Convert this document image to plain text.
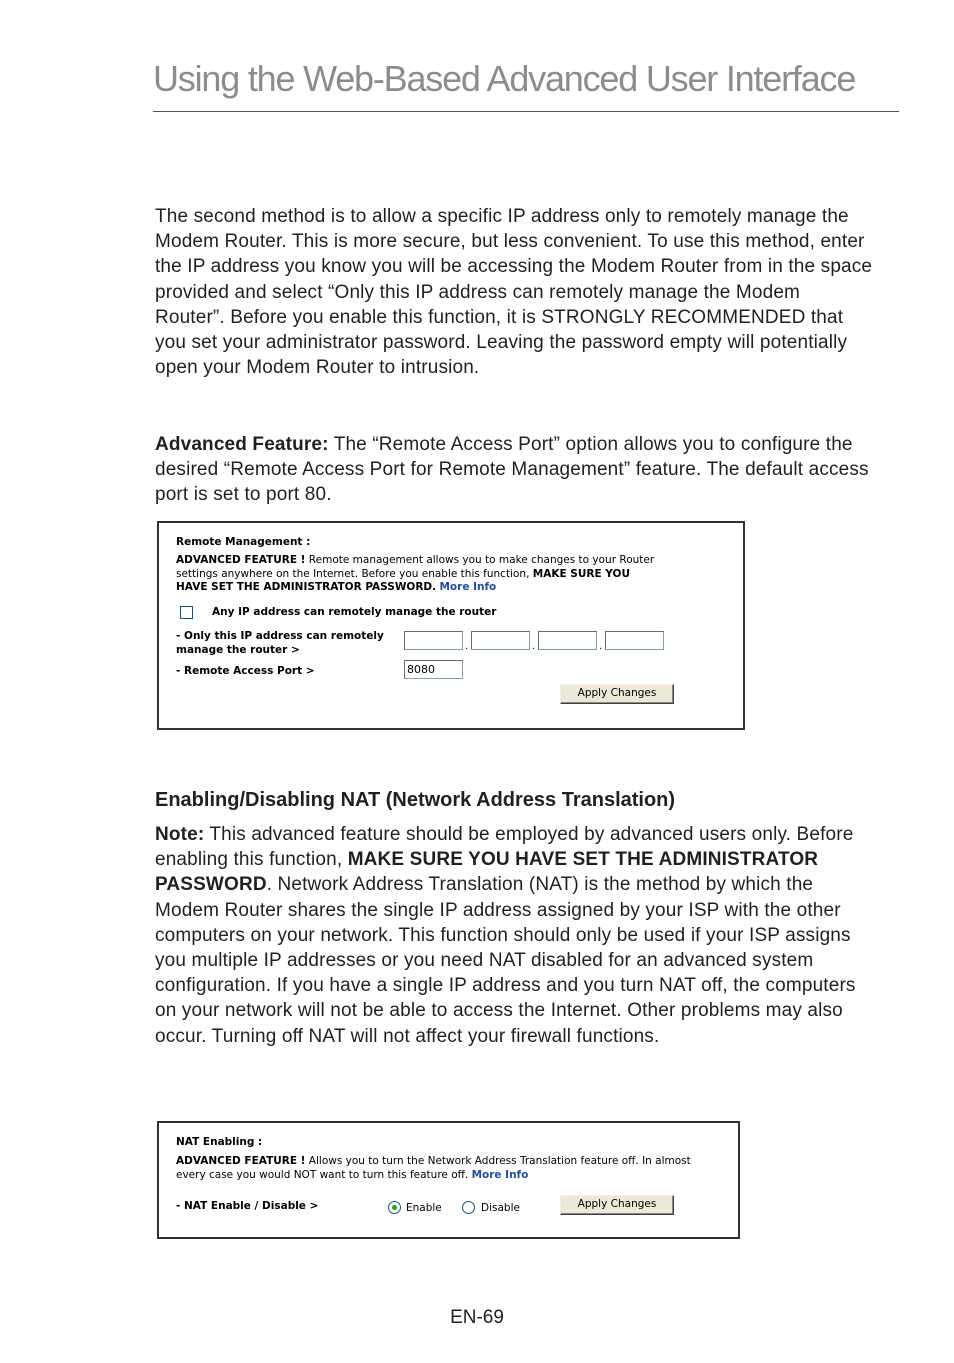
Using the Web-Based Advanced User Interface

The second method is to allow a specific IP address only to remotely manage the Modem Router. This is more secure, but less convenient. To use this method, enter the IP address you know you will be accessing the Modem Router from in the space provided and select “Only this IP address can remotely manage the Modem Router”. Before you enable this function, it is STRONGLY RECOMMENDED that you set your administrator password. Leaving the password empty will potentially open your Modem Router to intrusion.

Advanced Feature: The “Remote Access Port” option allows you to configure the desired “Remote Access Port for Remote Management” feature. The default access port is set to port 80.

Remote Management :
ADVANCED FEATURE ! Remote management allows you to make changes to your Router
settings anywhere on the Internet. Before you enable this function, MAKE SURE YOU
HAVE SET THE ADMINISTRATOR PASSWORD. More Info
Any IP address can remotely manage the router
- Only this IP address can remotely
manage the router >	.	.	.
- Remote Access Port >	8080
Apply Changes
Enabling/Disabling NAT (Network Address Translation)

Note: This advanced feature should be employed by advanced users only. Before enabling this function, MAKE SURE YOU HAVE SET THE ADMINISTRATOR PASSWORD. Network Address Translation (NAT) is the method by which the Modem Router shares the single IP address assigned by your ISP with the other computers on your network. This function should only be used if your ISP assigns you multiple IP addresses or you need NAT disabled for an advanced system configuration. If you have a single IP address and you turn NAT off, the computers on your network will not be able to access the Internet. Other problems may also occur. Turning off NAT will not affect your firewall functions.

NAT Enabling :
ADVANCED FEATURE ! Allows you to turn the Network Address Translation feature off. In almost
every case you would NOT want to turn this feature off. More Info
- NAT Enable / Disable >	Enable	Disable	Apply Changes

EN-69
